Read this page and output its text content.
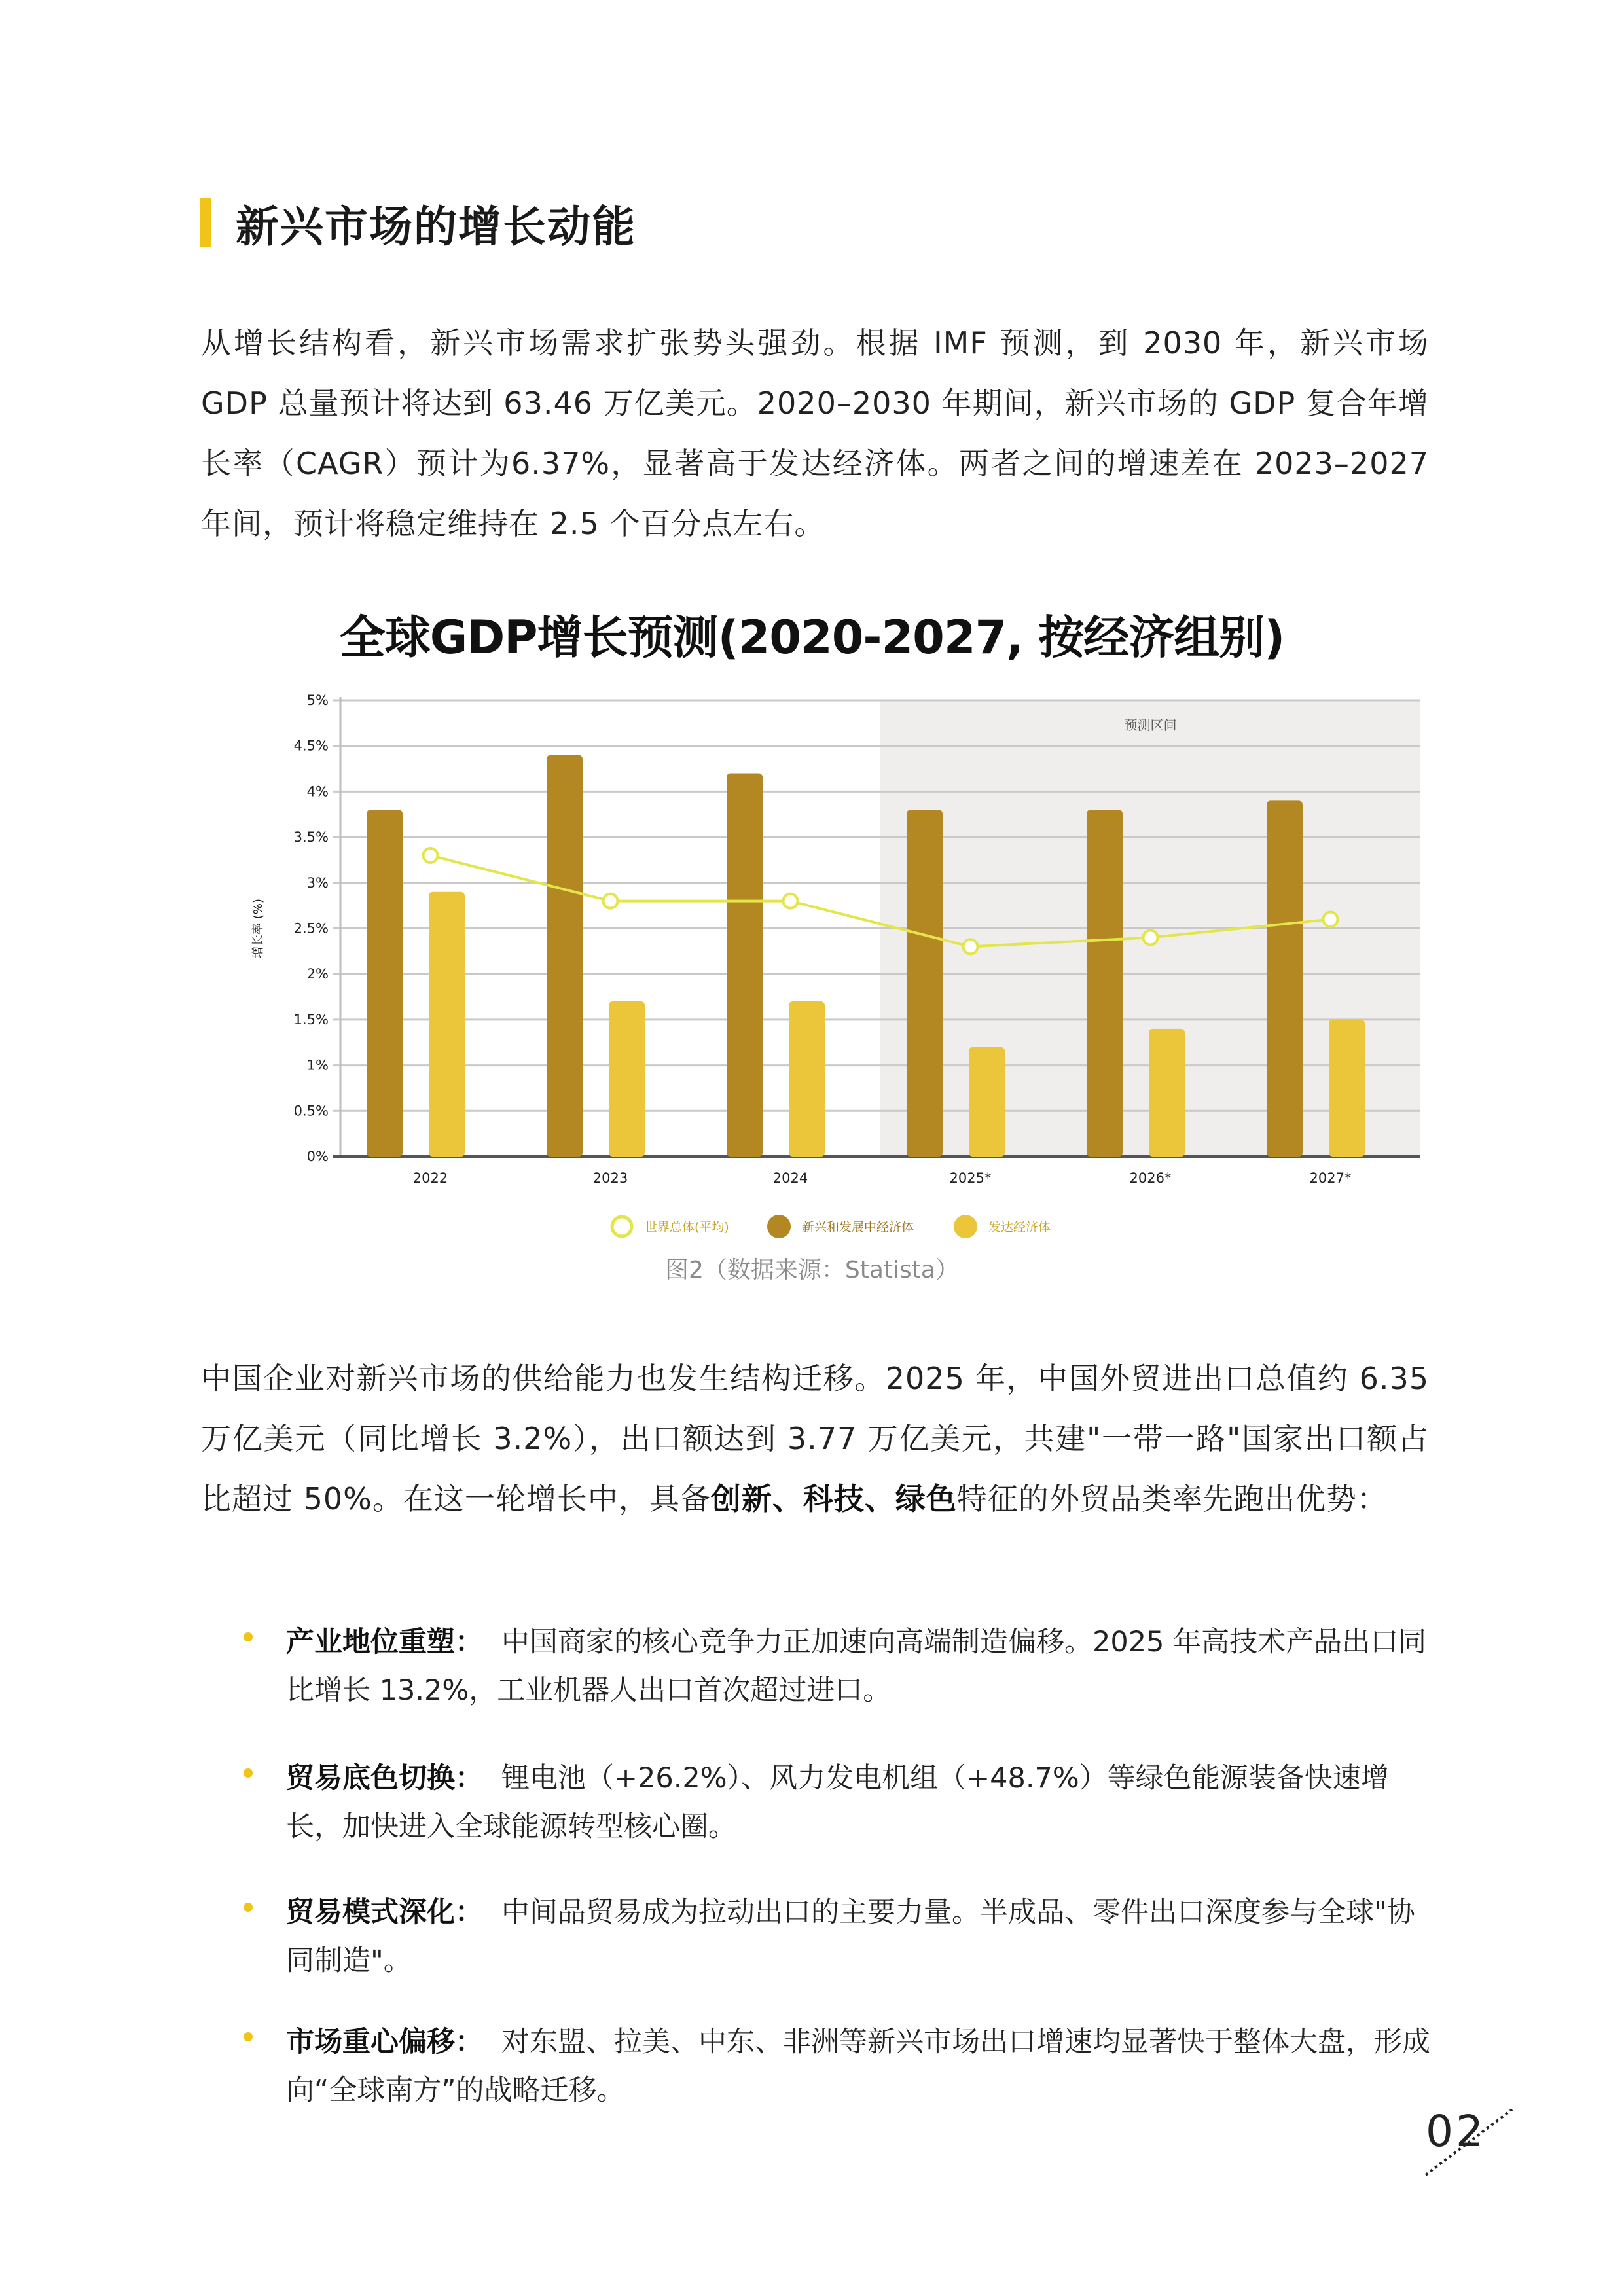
新兴市场的增长动能

从增长结构看，新兴市场需求扩张势头强劲。根据 IMF 预测，到 2030 年，新兴市场 GDP 总量预计将达到 63.46 万亿美元。2020–2030 年期间，新兴市场的 GDP 复合年增长率（CAGR）预计为6.37%，显著高于发达经济体。两者之间的增速差在 2023–2027 年间，预计将稳定维持在 2.5 个百分点左右。

全球GDP增长预测(2020-2027, 按经济组别)
预测区间
0%
0.5%
1%
1.5%
2%
2.5%
3%
3.5%
4%
4.5%
5%
增长率 (%)
2022	2023	2024	2025*	2026*	2027*
世界总体(平均)	新兴和发展中经济体	发达经济体
图2（数据来源：Statista）

中国企业对新兴市场的供给能力也发生结构迁移。2025 年，中国外贸进出口总值约 6.35 万亿美元（同比增长 3.2%），出口额达到 3.77 万亿美元，共建"一带一路"国家出口额占比超过 50%。在这一轮增长中，具备创新、科技、绿色特征的外贸品类率先跑出优势：

产业地位重塑： 中国商家的核心竞争力正加速向高端制造偏移。2025 年高技术产品出口同比增长 13.2%，工业机器人出口首次超过进口。
贸易底色切换： 锂电池（+26.2%）、风力发电机组（+48.7%）等绿色能源装备快速增长，加快进入全球能源转型核心圈。
贸易模式深化： 中间品贸易成为拉动出口的主要力量。半成品、零件出口深度参与全球"协同制造"。
市场重心偏移： 对东盟、拉美、中东、非洲等新兴市场出口增速均显著快于整体大盘，形成向“全球南方”的战略迁移。
02
